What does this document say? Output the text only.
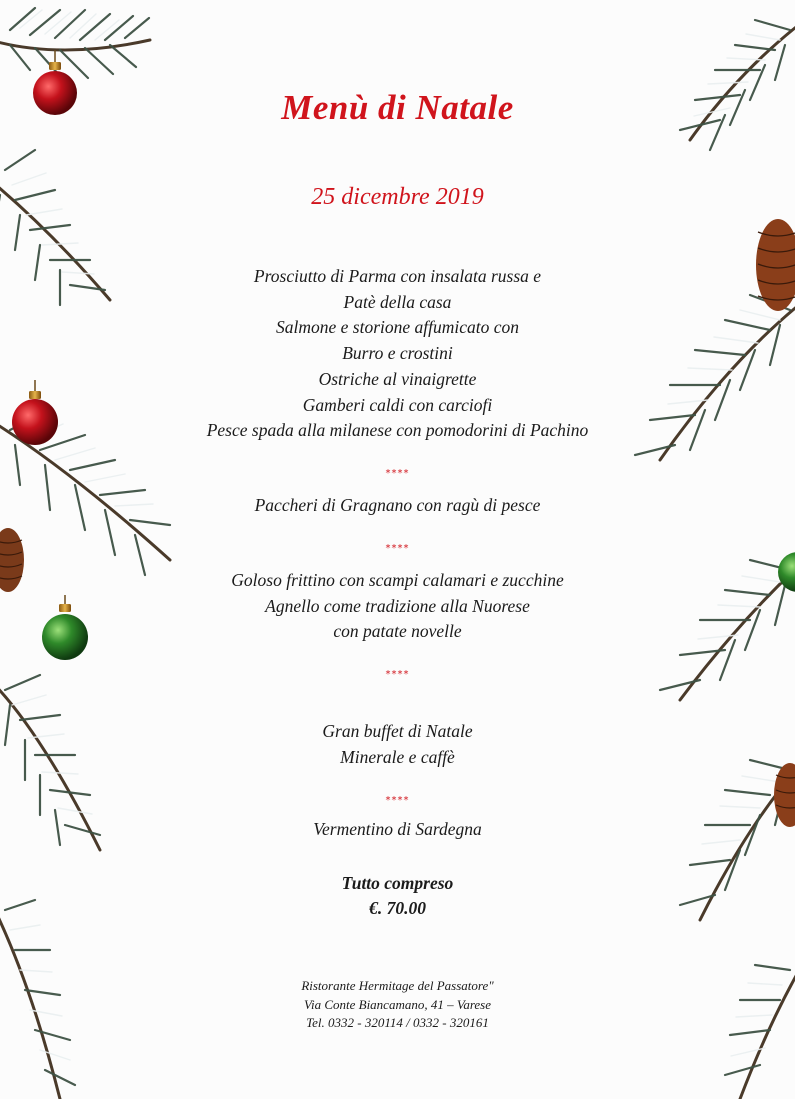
Menù di Natale
25 dicembre 2019
Prosciutto di Parma con insalata russa e
Patè della casa
Salmone e storione affumicato con
Burro e crostini
Ostriche al vinaigrette
Gamberi caldi con carciofi
Pesce spada alla milanese con pomodorini di Pachino
****
Paccheri di Gragnano con ragù di pesce
****
Goloso frittino con scampi calamari e zucchine
Agnello come tradizione alla Nuorese
con patate novelle
****
Gran buffet di Natale
Minerale e caffè
****
Vermentino di Sardegna
Tutto compreso
€. 70.00
Ristorante Hermitage del Passatore"
Via Conte Biancamano, 41 – Varese
Tel. 0332 - 320114 / 0332 - 320161
